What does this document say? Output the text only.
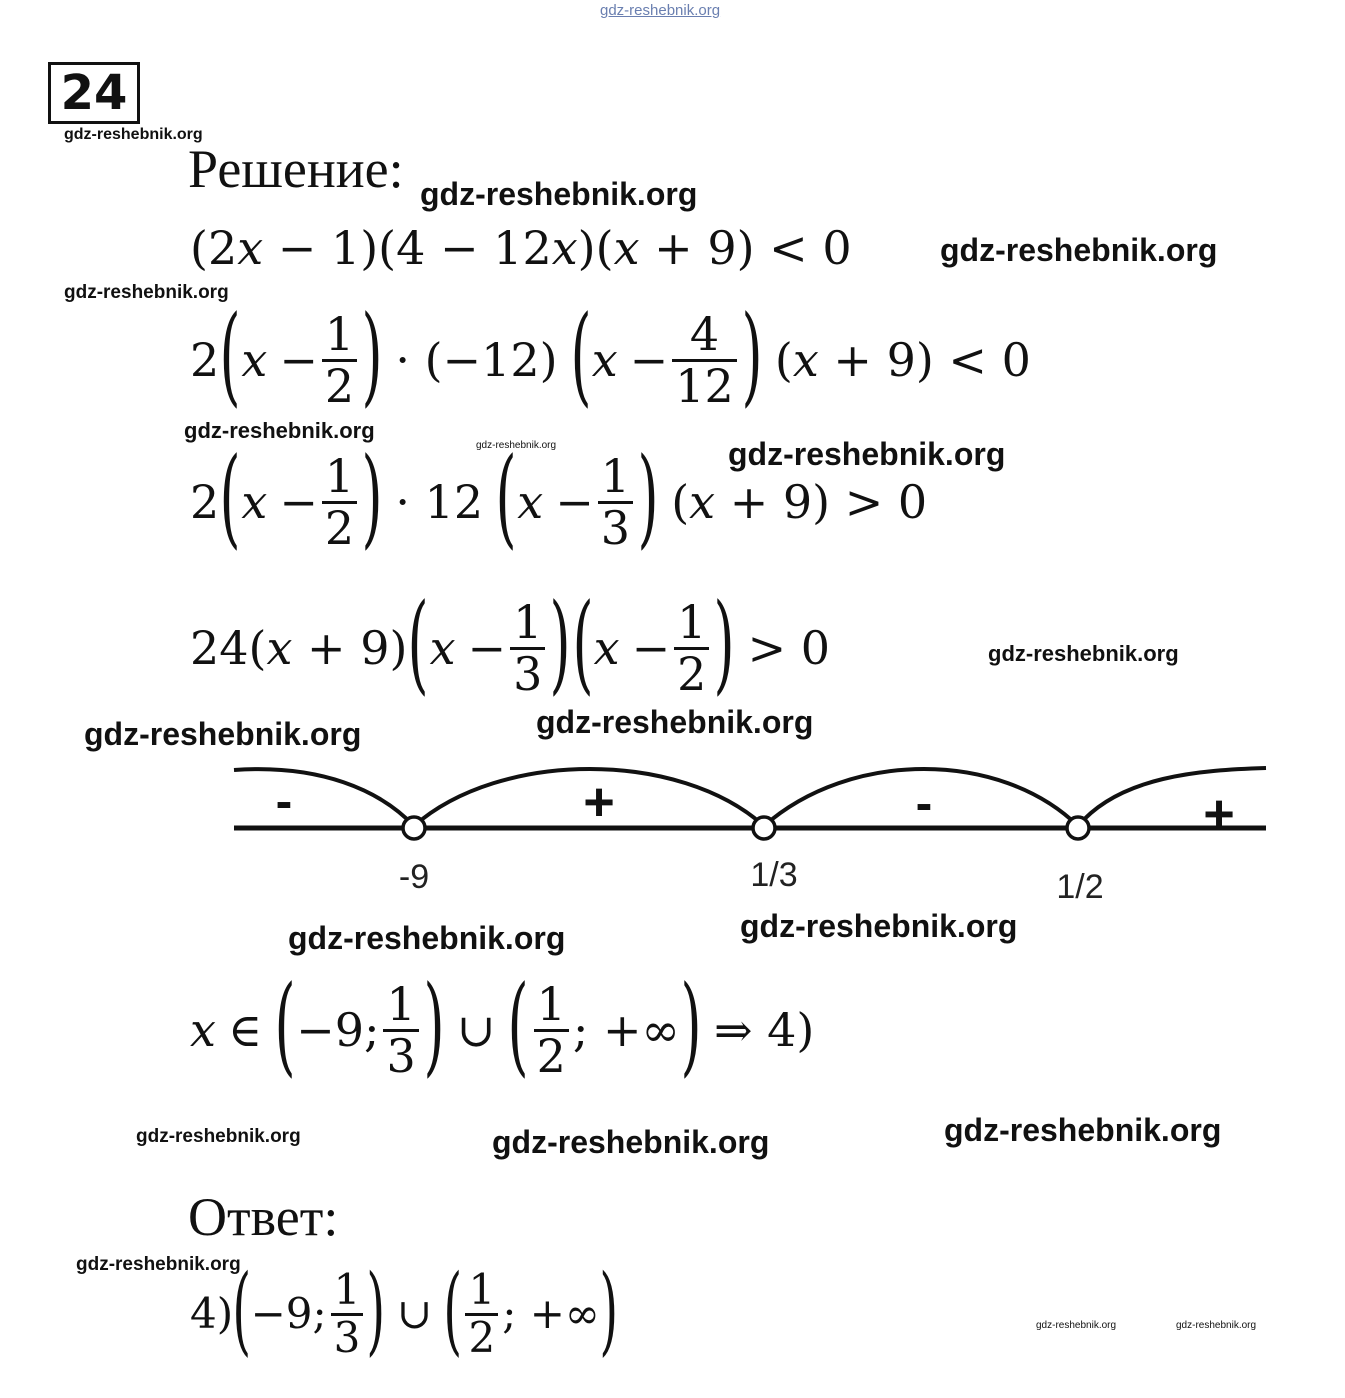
gdz-reshebnik.org
gdz-reshebnik.org
gdz-reshebnik.org
gdz-reshebnik.org
gdz-reshebnik.org
gdz-reshebnik.org
gdz-reshebnik.org	gdz-reshebnik.org
gdz-reshebnik.org
gdz-reshebnik.org
gdz-reshebnik.org
gdz-reshebnik.org	gdz-reshebnik.org
gdz-reshebnik.org	gdz-reshebnik.org	gdz-reshebnik.org
gdz-reshebnik.org
gdz-reshebnik.org	gdz-reshebnik.org
24
Решение:
(2 x − 1)(4 − 12 x )( x + 9) < 0
2 ( $x - \frac{1}{2}$ ) · (−12) ( $x - \frac{4}{12}$ ) ( x + 9) < 0
2 ( $x - \frac{1}{2}$ ) · 12 ( $x - \frac{1}{3}$ ) ( x + 9) > 0
24( x + 9) ( $x - \frac{1}{3}$ ) ( $x - \frac{1}{2}$ ) > 0
-9	1/3	1/2
-	+	-	+
x ∈ ( −9; $\frac{1}{3}$ ) ∪ ( $\frac{1}{2}$ ; +∞ ) ⇒ 4)
Ответ:
4) ( −9; $\frac{1}{3}$ ) ∪ ( $\frac{1}{2}$ ; +∞ )
